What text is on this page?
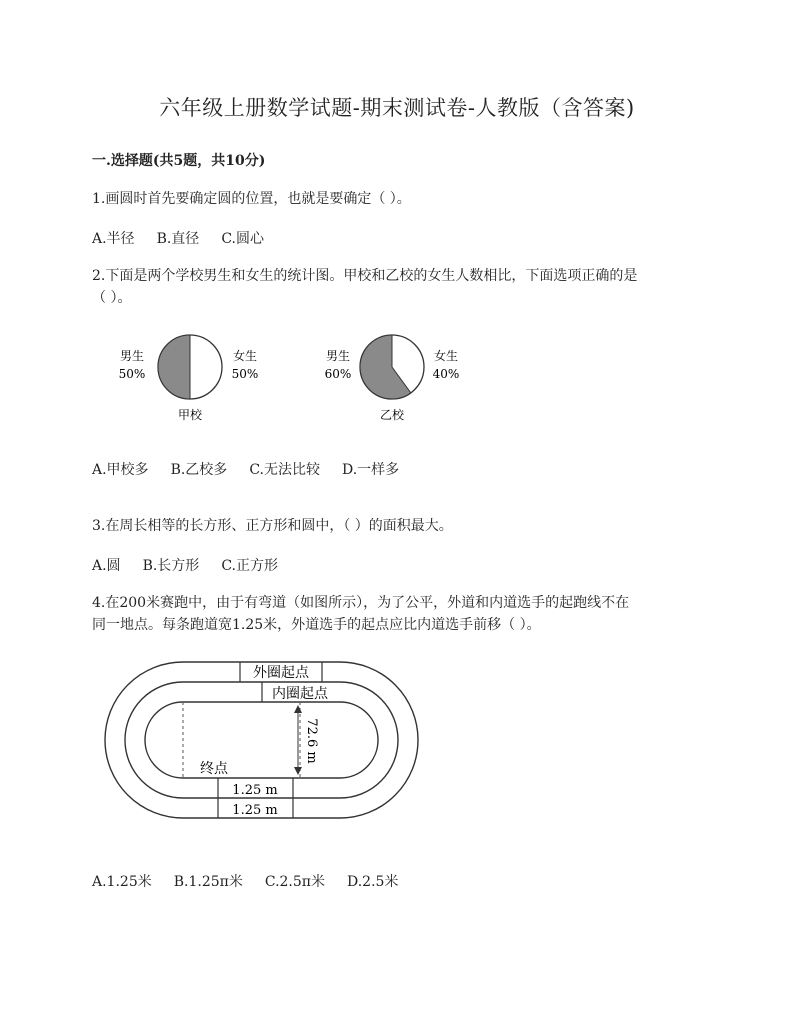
六年级上册数学试题-期末测试卷-人教版（含答案)
一.选择题(共5题，共10分)
1.画圆时首先要确定圆的位置，也就是要确定（ ）。
A.半径 B.直径 C.圆心
2.下面是两个学校男生和女生的统计图。甲校和乙校的女生人数相比，下面选项正确的是
（ ）。
男生
50%
女生
50%
甲校
男生
60%
女生
40%
乙校
A.甲校多 B.乙校多 C.无法比较 D.一样多
3.在周长相等的长方形、正方形和圆中，（ ）的面积最大。
A.圆 B.长方形 C.正方形
4.在200米赛跑中，由于有弯道（如图所示），为了公平，外道和内道选手的起跑线不在
同一地点。每条跑道宽1.25米，外道选手的起点应比内道选手前移（ ）。
外圈起点
内圈起点
72.6 m
终点
1.25 m
1.25 m
A.1.25米 B.1.25π米 C.2.5π米 D.2.5米
